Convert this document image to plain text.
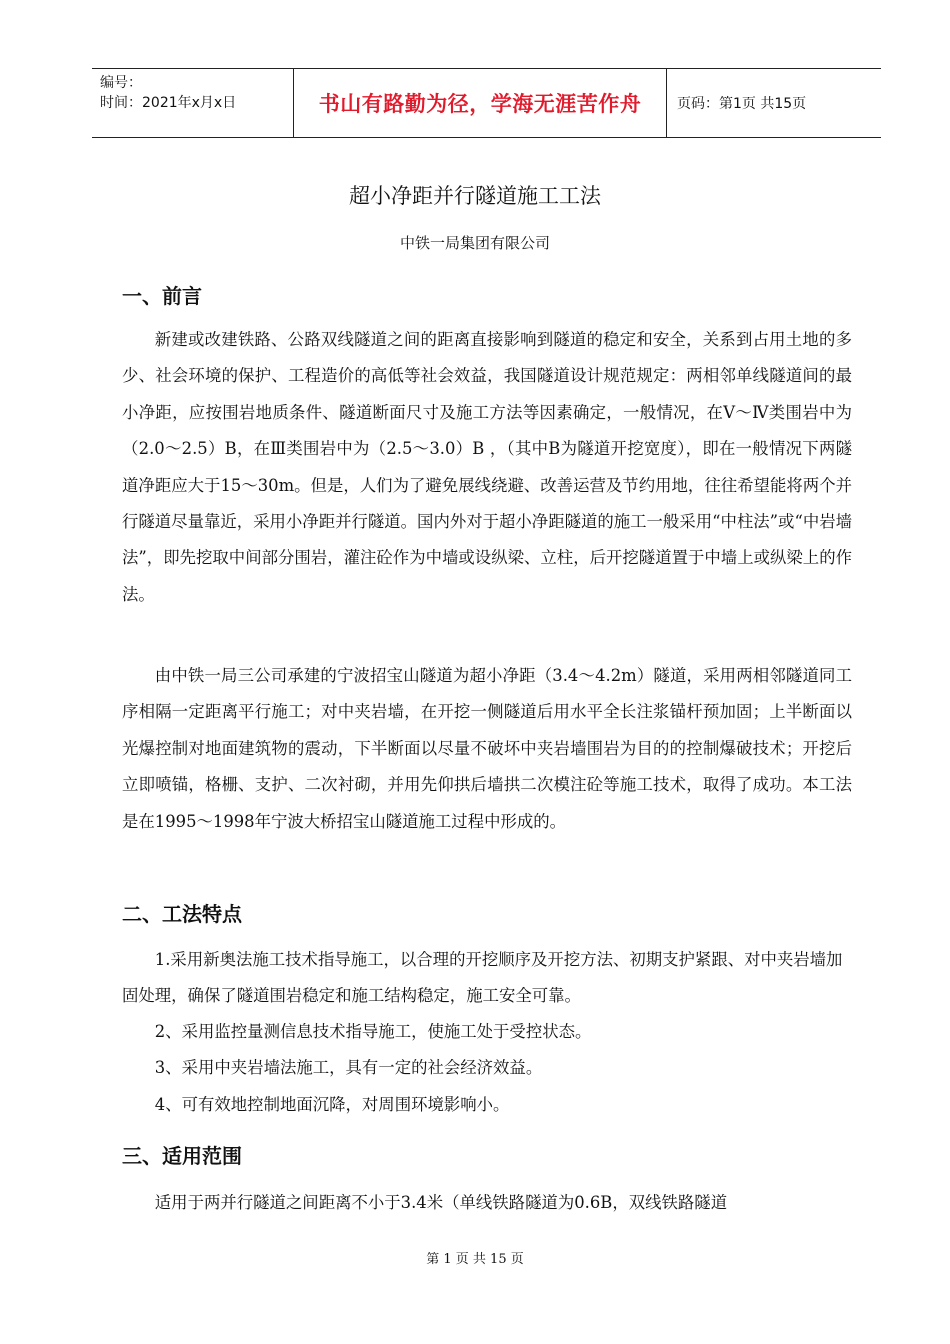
编号：
时间：2021年x月x日	书山有路勤为径，学海无涯苦作舟	页码：第1页 共15页
超小净距并行隧道施工工法
中铁一局集团有限公司
一、前言

新建或改建铁路、公路双线隧道之间的距离直接影响到隧道的稳定和安全，关系到占用土地的多少、社会环境的保护、工程造价的高低等社会效益，我国隧道设计规范规定：两相邻单线隧道间的最小净距，应按围岩地质条件、隧道断面尺寸及施工方法等因素确定，一般情况，在Ⅴ～Ⅳ类围岩中为（2.0～2.5）B，在Ⅲ类围岩中为（2.5～3.0）B ，（其中B为隧道开挖宽度），即在一般情况下两隧道净距应大于15～30m。但是，人们为了避免展线绕避、改善运营及节约用地，往往希望能将两个并行隧道尽量靠近，采用小净距并行隧道。国内外对于超小净距隧道的施工一般采用“中柱法”或“中岩墙法”，即先挖取中间部分围岩，灌注砼作为中墙或设纵梁、立柱，后开挖隧道置于中墙上或纵梁上的作法。

由中铁一局三公司承建的宁波招宝山隧道为超小净距（3.4～4.2m）隧道，采用两相邻隧道同工序相隔一定距离平行施工；对中夹岩墙，在开挖一侧隧道后用水平全长注浆锚杆预加固；上半断面以光爆控制对地面建筑物的震动，下半断面以尽量不破坏中夹岩墙围岩为目的的控制爆破技术；开挖后立即喷锚，格栅、支护、二次衬砌，并用先仰拱后墙拱二次模注砼等施工技术，取得了成功。本工法是在1995～1998年宁波大桥招宝山隧道施工过程中形成的。

二、工法特点

1.采用新奥法施工技术指导施工，以合理的开挖顺序及开挖方法、初期支护紧跟、对中夹岩墙加固处理，确保了隧道围岩稳定和施工结构稳定，施工安全可靠。

2、采用监控量测信息技术指导施工，使施工处于受控状态。

3、采用中夹岩墙法施工，具有一定的社会经济效益。

4、可有效地控制地面沉降，对周围环境影响小。

三、适用范围

适用于两并行隧道之间距离不小于3.4米（单线铁路隧道为0.6B，双线铁路隧道

第 1 页 共 15 页
